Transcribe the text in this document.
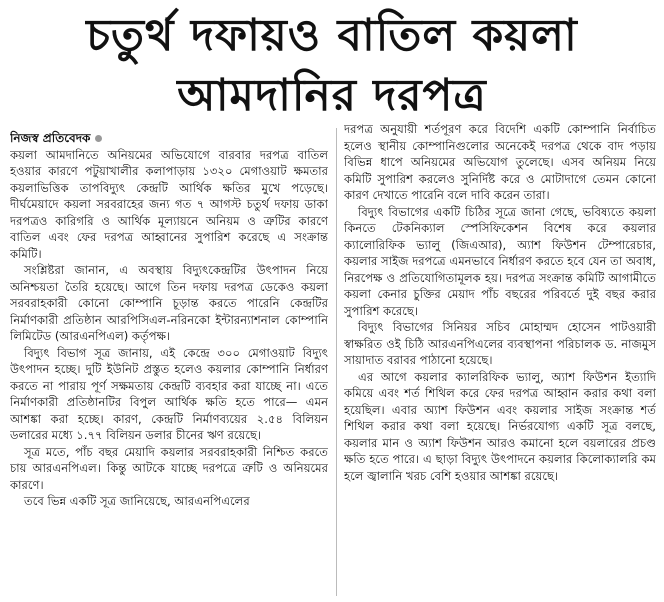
চতুর্থ দফায়ও বাতিল কয়লা
আমদানির দরপত্র
নিজস্ব প্রতিবেদক

কয়লা আমদানিতে অনিয়মের অভিযোগে বারবার দরপত্র বাতিল হওয়ার কারণে পটুয়াখালীর কলাপাড়ায় ১৩২০ মেগাওয়াট ক্ষমতার কয়লাভিত্তিক তাপবিদ্যুৎ কেন্দ্রটি আর্থিক ক্ষতির মুখে পড়েছে। দীর্ঘমেয়াদে কয়লা সরবরাহের জন্য গত ৭ আগস্ট চতুর্থ দফায় ডাকা দরপত্রও কারিগরি ও আর্থিক মূল্যায়নে অনিয়ম ও ত্রুটির কারণে বাতিল এবং ফের দরপত্র আহ্বানের সুপারিশ করেছে এ সংক্রান্ত কমিটি।

সংশ্লিষ্টরা জানান, এ অবস্থায় বিদ্যুৎকেন্দ্রটির উৎপাদন নিয়ে অনিশ্চয়তা তৈরি হয়েছে। আগে তিন দফায় দরপত্র ডেকেও কয়লা সরবরাহকারী কোনো কোম্পানি চূড়ান্ত করতে পারেনি কেন্দ্রটির নির্মাণকারী প্রতিষ্ঠান আরপিসিএল-নরিনকো ইন্টারন্যাশনাল কোম্পানি লিমিটেড (আরএনপিএল) কর্তৃপক্ষ।

বিদ্যুৎ বিভাগ সূত্র জানায়, এই কেন্দ্রে ৩০০ মেগাওয়াট বিদ্যুৎ উৎপাদন হচ্ছে। দুটি ইউনিট প্রস্তুত হলেও কয়লার কোম্পানি নির্ধারণ করতে না পারায় পূর্ণ সক্ষমতায় কেন্দ্রটি ব্যবহার করা যাচ্ছে না। এতে নির্মাণকারী প্রতিষ্ঠানটির বিপুল আর্থিক ক্ষতি হতে পারে— এমন আশঙ্কা করা হচ্ছে। কারণ, কেন্দ্রটি নির্মাণব্যয়ের ২.৫৪ বিলিয়ন ডলারের মধ্যে ১.৭৭ বিলিয়ন ডলার চীনের ঋণ রয়েছে।

সূত্র মতে, পাঁচ বছর মেয়াদি কয়লার সরবরাহকারী নিশ্চিত করতে চায় আরএনপিএল। কিন্তু আটকে যাচ্ছে দরপত্রে ত্রুটি ও অনিয়মের কারণে।

তবে ভিন্ন একটি সূত্র জানিয়েছে, আরএনপিএলের

দরপত্র অনুযায়ী শর্তপূরণ করে বিদেশি একটি কোম্পানি নির্বাচিত হলেও স্থানীয় কোম্পানিগুলোর অনেকেই দরপত্র থেকে বাদ পড়ায় বিভিন্ন ধাপে অনিয়মের অভিযোগ তুলেছে। এসব অনিয়ম নিয়ে কমিটি সুপারিশ করলেও সুনির্দিষ্ট করে ও মোটাদাগে তেমন কোনো কারণ দেখাতে পারেনি বলে দাবি করেন তারা।

বিদ্যুৎ বিভাগের একটি চিঠির সূত্রে জানা গেছে, ভবিষ্যতে কয়লা কিনতে টেকনিক্যাল স্পেসিফিকেশন বিশেষ করে কয়লার ক্যালোরিফিক ভ্যালু (জিএআর), অ্যাশ ফিউশন টেম্পারেচার, কয়লার সাইজ দরপত্রে এমনভাবে নির্ধারণ করতে হবে যেন তা অবাধ, নিরপেক্ষ ও প্রতিযোগিতামূলক হয়। দরপত্র সংক্রান্ত কমিটি আগামীতে কয়লা কেনার চুক্তির মেয়াদ পাঁচ বছরের পরিবর্তে দুই বছর করার সুপারিশ করেছে।

বিদ্যুৎ বিভাগের সিনিয়র সচিব মোহাম্মদ হোসেন পাটওয়ারী স্বাক্ষরিত ওই চিঠি আরএনপিএলের ব্যবস্থাপনা পরিচালক ড. নাজমুস সায়াদাত বরাবর পাঠানো হয়েছে।

এর আগে কয়লার ক্যালরিফিক ভ্যালু, অ্যাশ ফিউশন ইত্যাদি কমিয়ে এবং শর্ত শিথিল করে ফের দরপত্র আহ্বান করার কথা বলা হয়েছিল। এবার অ্যাশ ফিউশন এবং কয়লার সাইজ সংক্রান্ত শর্ত শিথিল করার কথা বলা হয়েছে। নির্ভরযোগ্য একটি সূত্র বলছে, কয়লার মান ও অ্যাশ ফিউশন আরও কমানো হলে বয়লারের প্রচণ্ড ক্ষতি হতে পারে। এ ছাড়া বিদ্যুৎ উৎপাদনে কয়লার কিলোক্যালরি কম হলে জ্বালানি খরচ বেশি হওয়ার আশঙ্কা রয়েছে।
